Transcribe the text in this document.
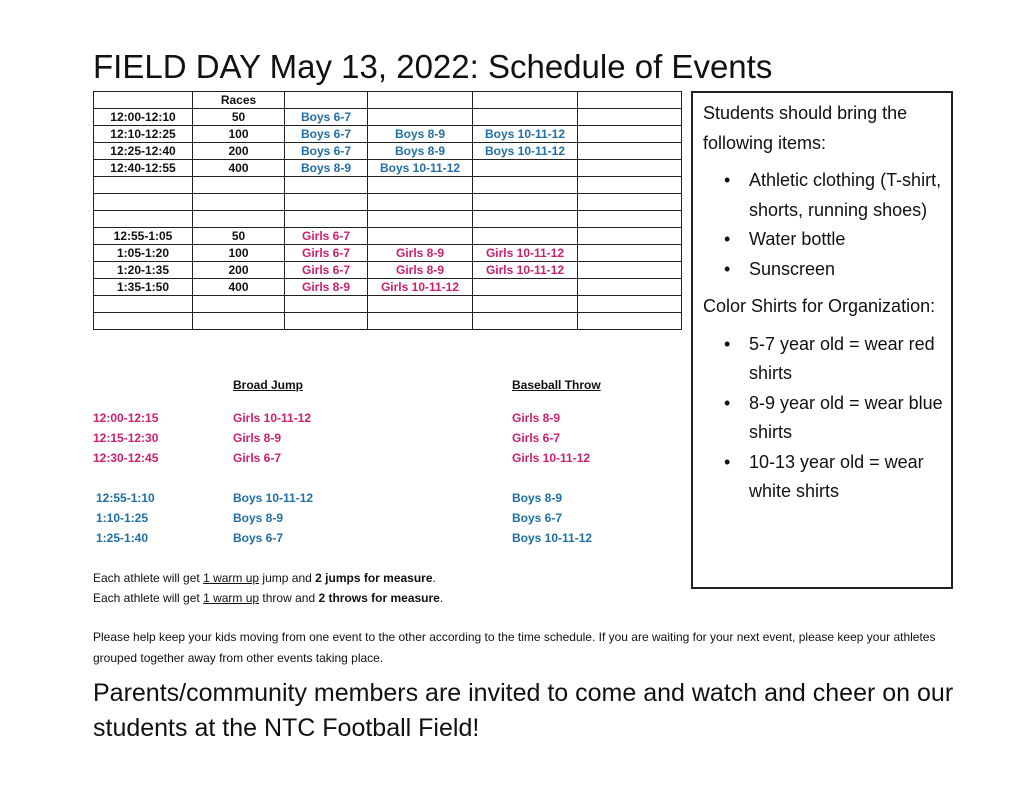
FIELD DAY May 13, 2022: Schedule of Events
	Races				
12:00-12:10	50	Boys 6-7			
12:10-12:25	100	Boys 6-7	Boys 8-9	Boys 10-11-12	
12:25-12:40	200	Boys 6-7	Boys 8-9	Boys 10-11-12	
12:40-12:55	400	Boys 8-9	Boys 10-11-12		

12:55-1:05	50	Girls 6-7			
1:05-1:20	100	Girls 6-7	Girls 8-9	Girls 10-11-12	
1:20-1:35	200	Girls 6-7	Girls 8-9	Girls 10-11-12	
1:35-1:50	400	Girls 8-9	Girls 10-11-12		

Students should bring the following items:

• Athletic clothing (T-shirt, shorts, running shoes)
• Water bottle
• Sunscreen

Color Shirts for Organization:

• 5-7 year old = wear red shirts
• 8-9 year old = wear blue shirts
• 10-13 year old = wear white shirts
Broad Jump	Baseball Throw
12:00-12:15	Girls 10-11-12	Girls 8-9
12:15-12:30	Girls 8-9	Girls 6-7
12:30-12:45	Girls 6-7	Girls 10-11-12
12:55-1:10	Boys 10-11-12	Boys 8-9
1:10-1:25	Boys 8-9	Boys 6-7
1:25-1:40	Boys 6-7	Boys 10-11-12
Each athlete will get 1 warm up jump and 2 jumps for measure.
Each athlete will get 1 warm up throw and 2 throws for measure.
Please help keep your kids moving from one event to the other according to the time schedule. If you are waiting for your next event, please keep your athletes grouped together away from other events taking place.
Parents/community members are invited to come and watch and cheer on our students at the NTC Football Field!
